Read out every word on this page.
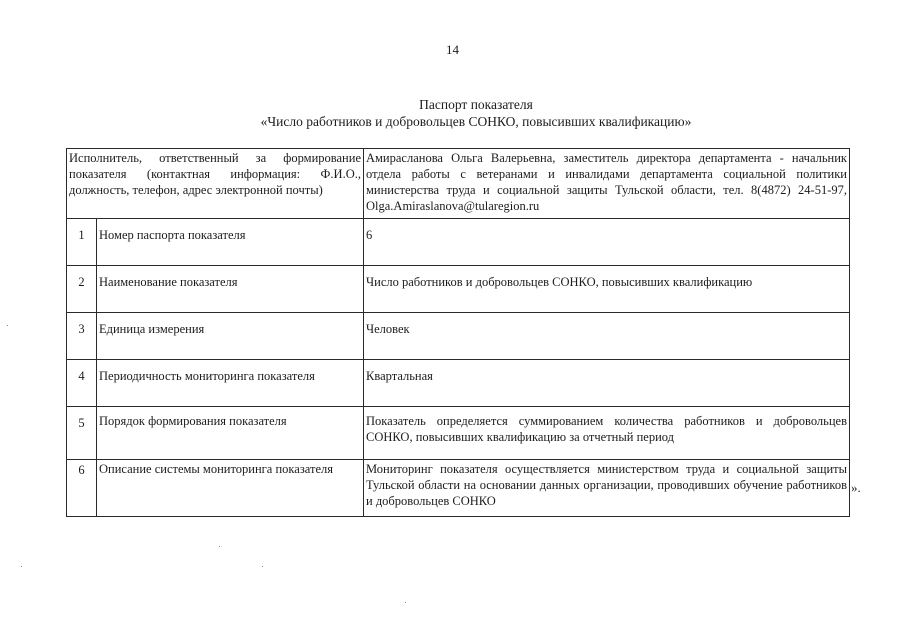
14
Паспорт показателя
«Число работников и добровольцев СОНКО, повысивших квалификацию»
Исполнитель, ответственный за формирование показателя (контактная информация: Ф.И.О., должность, телефон, адрес электронной почты)		Амирасланова Ольга Валерьевна, заместитель директора департамента - начальник отдела работы с ветеранами и инвалидами департамента социальной политики министерства труда и социальной защиты Тульской области, тел. 8(4872) 24-51-97, Olga.Amiraslanova@tularegion.ru
1	Номер паспорта показателя	6
2	Наименование показателя	Число работников и добровольцев СОНКО, повысивших квалификацию
3	Единица измерения	Человек
4	Периодичность мониторинга показателя	Квартальная
5	Порядок формирования показателя	Показатель определяется суммированием количества работников и добровольцев СОНКО, повысивших квалификацию за отчетный период
6	Описание системы мониторинга показателя	Мониторинг показателя осуществляется министерством труда и социальной защиты Тульской области на основании данных организации, проводивших обучение работников и добровольцев СОНКО
».
